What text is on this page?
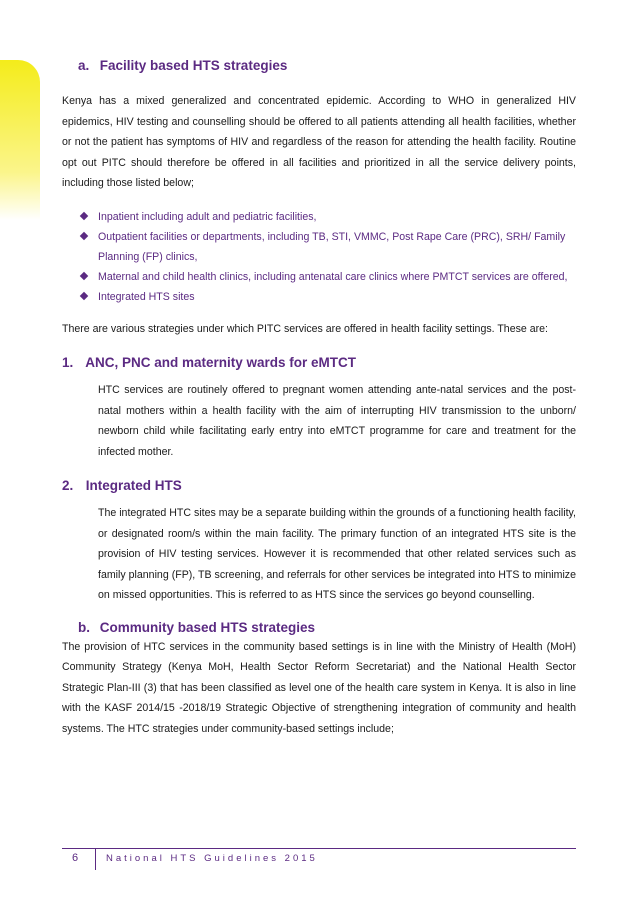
a. Facility based HTS strategies

Kenya has a mixed generalized and concentrated epidemic. According to WHO in generalized HIV epidemics, HIV testing and counselling should be offered to all patients attending all health facilities, whether or not the patient has symptoms of HIV and regardless of the reason for attending the health facility. Routine opt out PITC should therefore be offered in all facilities and prioritized in all the service delivery points, including those listed below;

Inpatient including adult and pediatric facilities,
Outpatient facilities or departments, including TB, STI, VMMC, Post Rape Care (PRC), SRH/ Family Planning (FP) clinics,
Maternal and child health clinics, including antenatal care clinics where PMTCT services are offered,
Integrated HTS sites

There are various strategies under which PITC services are offered in health facility settings. These are:

1. ANC, PNC and maternity wards for eMTCT

HTC services are routinely offered to pregnant women attending ante-natal services and the post-natal mothers within a health facility with the aim of interrupting HIV transmission to the unborn/ newborn child while facilitating early entry into eMTCT programme for care and treatment for the infected mother.

2. Integrated HTS

The integrated HTC sites may be a separate building within the grounds of a functioning health facility, or designated room/s within the main facility. The primary function of an integrated HTS site is the provision of HIV testing services. However it is recommended that other related services such as family planning (FP), TB screening, and referrals for other services be integrated into HTS to minimize on missed opportunities. This is referred to as HTS since the services go beyond counselling.

b. Community based HTS strategies

The provision of HTC services in the community based settings is in line with the Ministry of Health (MoH) Community Strategy (Kenya MoH, Health Sector Reform Secretariat) and the National Health Sector Strategic Plan-III (3) that has been classified as level one of the health care system in Kenya. It is also in line with the KASF 2014/15 -2018/19 Strategic Objective of strengthening integration of community and health systems. The HTC strategies under community-based settings include;

6	National HTS Guidelines 2015
